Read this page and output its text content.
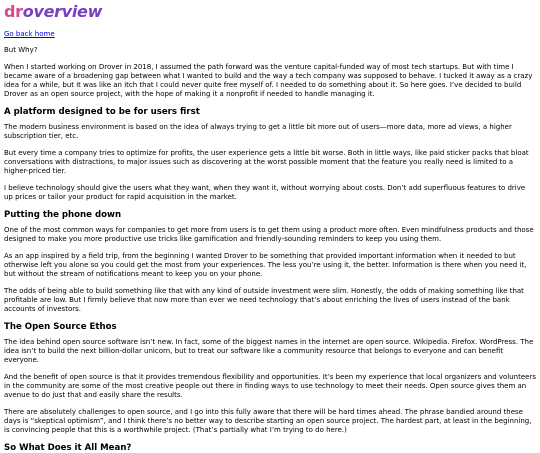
droverview
Go back home

But Why?

When I started working on Drover in 2018, I assumed the path forward was the venture capital-funded way of most tech startups. But with time I became aware of a broadening gap between what I wanted to build and the way a tech company was supposed to behave. I tucked it away as a crazy idea for a while, but it was like an itch that I could never quite free myself of. I needed to do something about it. So here goes. I’ve decided to build Drover as an open source project, with the hope of making it a nonprofit if needed to handle managing it.

A platform designed to be for users first

The modern business environment is based on the idea of always trying to get a little bit more out of users—more data, more ad views, a higher subscription tier, etc.

But every time a company tries to optimize for profits, the user experience gets a little bit worse. Both in little ways, like paid sticker packs that bloat conversations with distractions, to major issues such as discovering at the worst possible moment that the feature you really need is limited to a higher-priced tier.

I believe technology should give the users what they want, when they want it, without worrying about costs. Don’t add superfluous features to drive up prices or tailor your product for rapid acquisition in the market.

Putting the phone down

One of the most common ways for companies to get more from users is to get them using a product more often. Even mindfulness products and those designed to make you more productive use tricks like gamification and friendly-sounding reminders to keep you using them.

As an app inspired by a field trip, from the beginning I wanted Drover to be something that provided important information when it needed to but otherwise left you alone so you could get the most from your experiences. The less you’re using it, the better. Information is there when you need it, but without the stream of notifications meant to keep you on your phone.

The odds of being able to build something like that with any kind of outside investment were slim. Honestly, the odds of making something like that profitable are low. But I firmly believe that now more than ever we need technology that’s about enriching the lives of users instead of the bank accounts of investors.

The Open Source Ethos

The idea behind open source software isn’t new. In fact, some of the biggest names in the internet are open source. Wikipedia. Firefox. WordPress. The idea isn’t to build the next billion-dollar unicorn, but to treat our software like a community resource that belongs to everyone and can benefit everyone.

And the benefit of open source is that it provides tremendous flexibility and opportunities. It’s been my experience that local organizers and volunteers in the community are some of the most creative people out there in finding ways to use technology to meet their needs. Open source gives them an avenue to do just that and easily share the results.

There are absolutely challenges to open source, and I go into this fully aware that there will be hard times ahead. The phrase bandied around these days is “skeptical optimism”, and I think there’s no better way to describe starting an open source project. The hardest part, at least in the beginning, is convincing people that this is a worthwhile project. (That’s partially what I’m trying to do here.)

So What Does it All Mean?
